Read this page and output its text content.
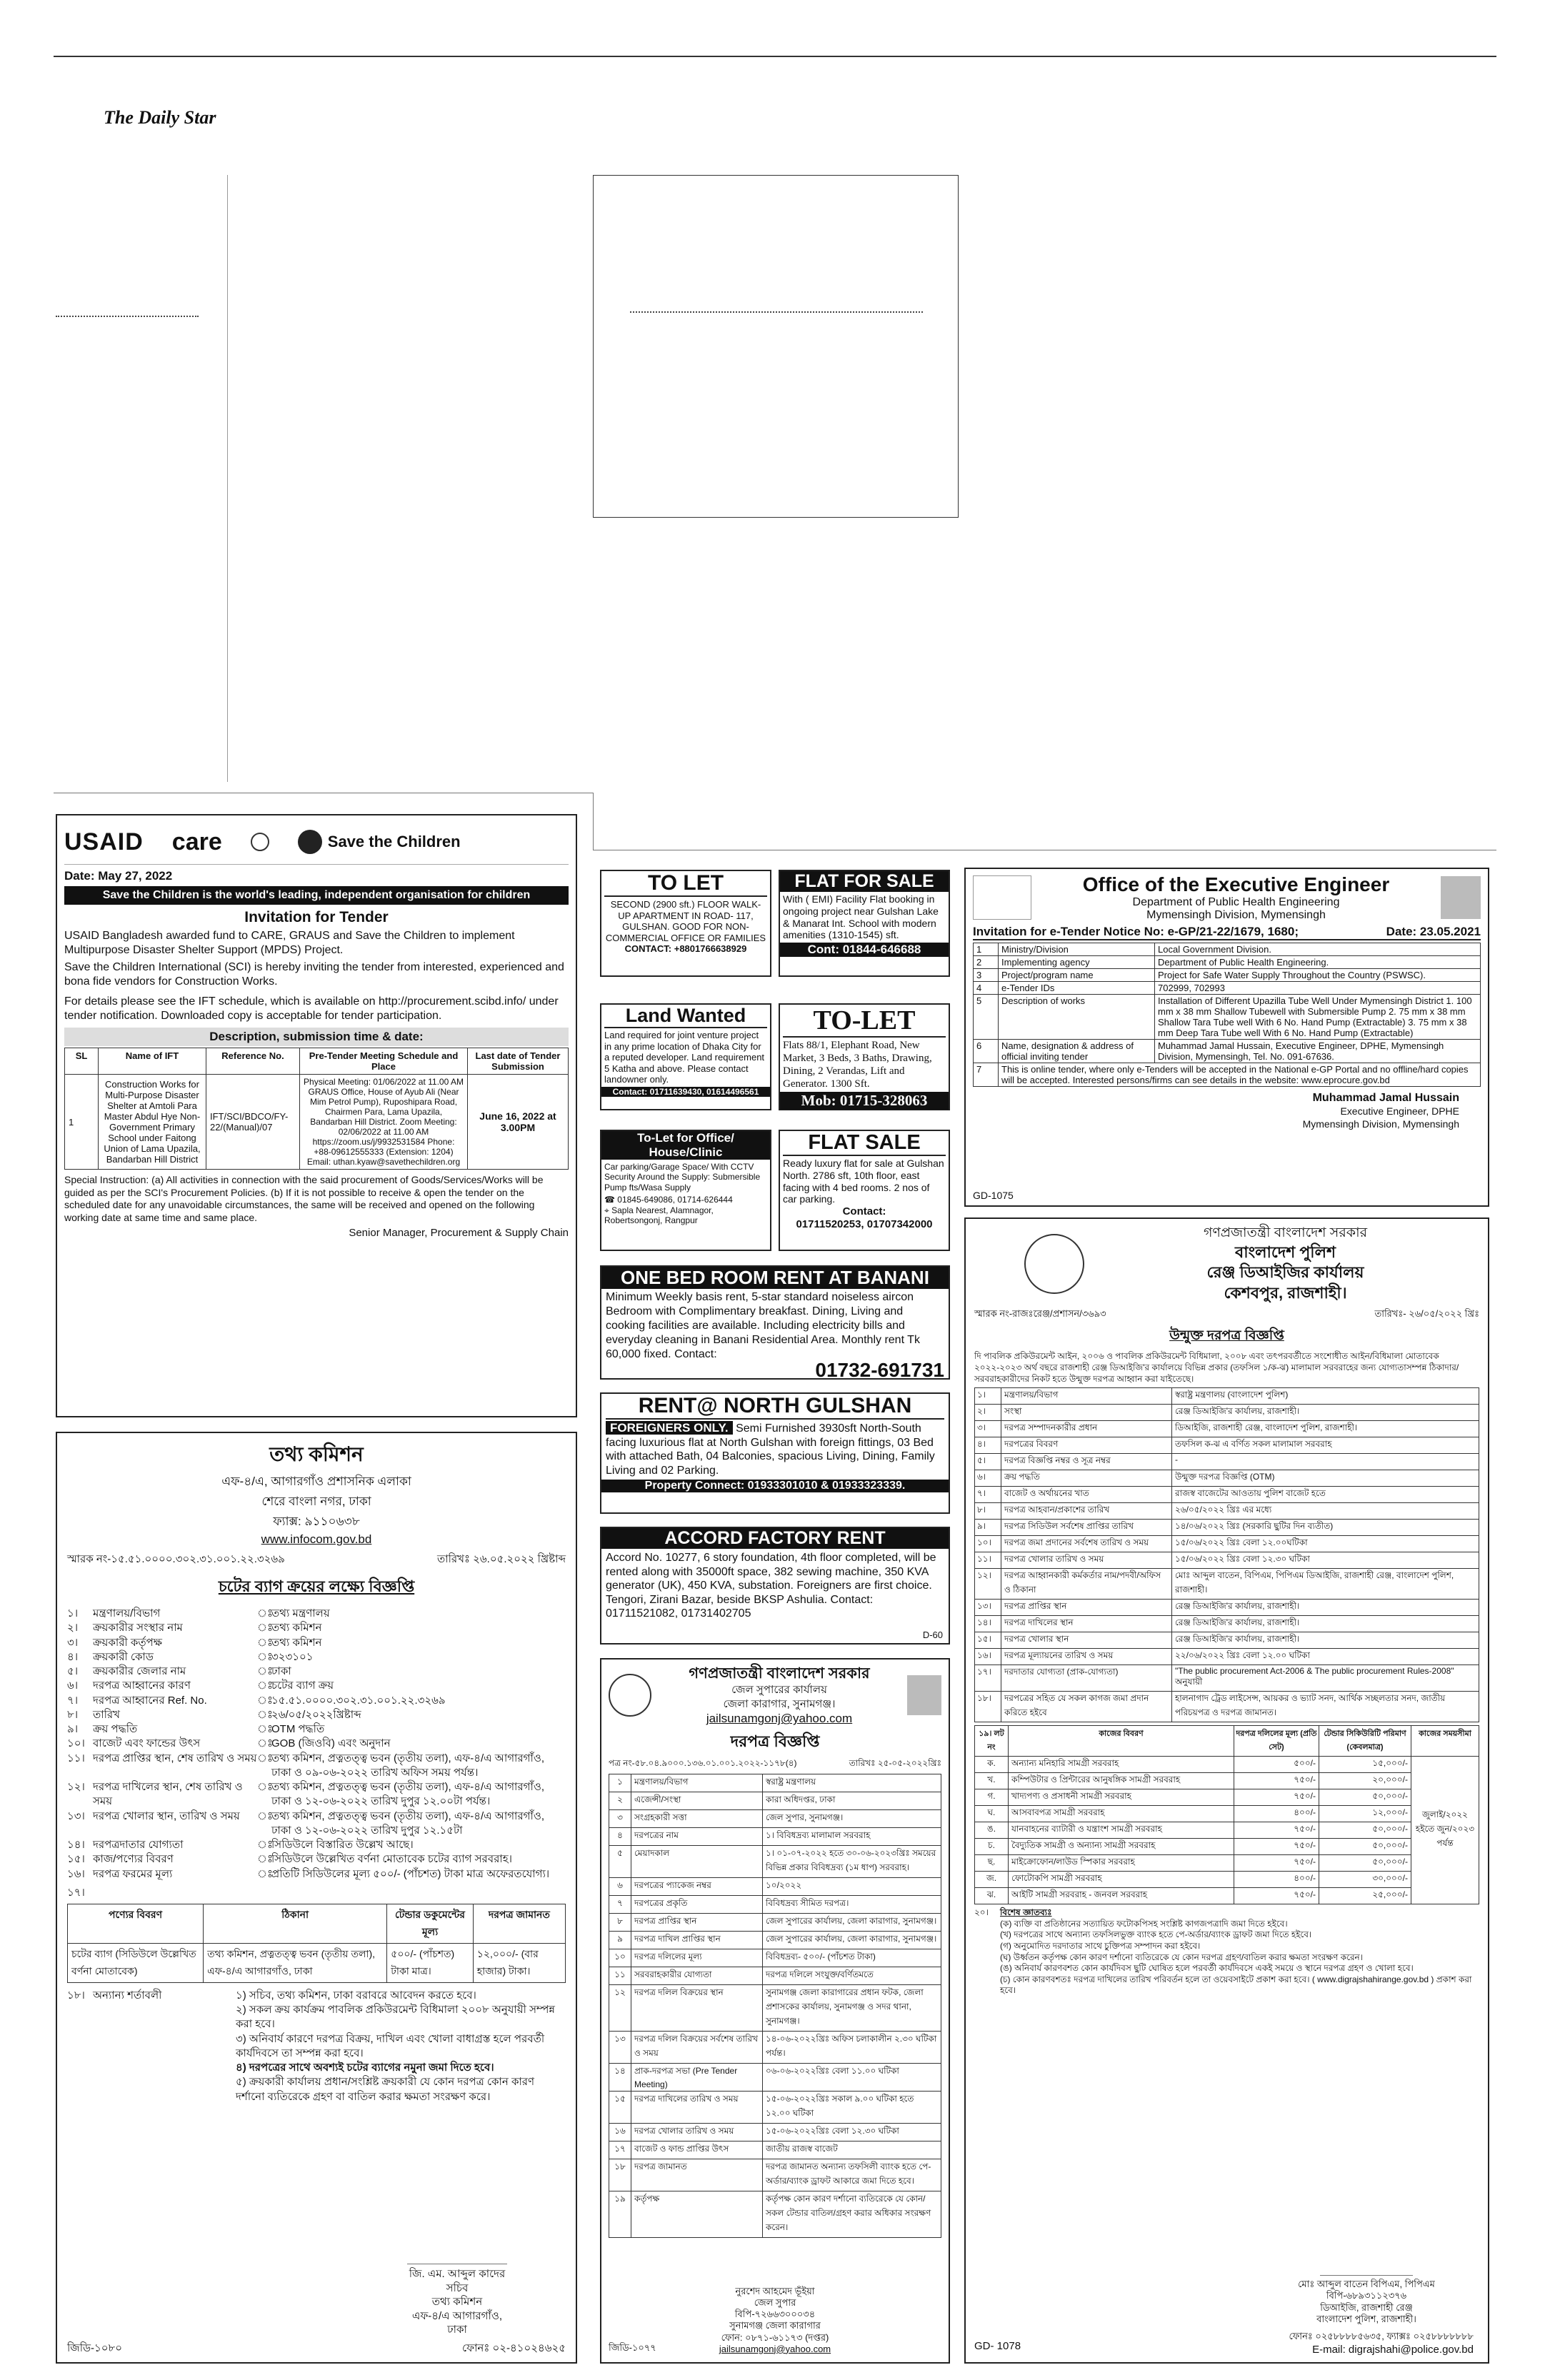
The Daily Star
USAID care	Save the Children
Date: May 27, 2022
Save the Children is the world's leading, independent organisation for children
Invitation for Tender
USAID Bangladesh awarded fund to CARE, GRAUS and Save the Children to implement Multipurpose Disaster Shelter Support (MPDS) Project.
Save the Children International (SCI) is hereby inviting the tender from interested, experienced and bona fide vendors for Construction Works.
For details please see the IFT schedule, which is available on http://procurement.scibd.info/ under tender notification. Downloaded copy is acceptable for tender participation.
Description, submission time & date:
SL	Name of IFT	Reference No.	Pre-Tender Meeting Schedule and Place	Last date of Tender Submission
1	Construction Works for Multi-Purpose Disaster Shelter at Amtoli Para Master Abdul Hye Non-Government Primary School under Faitong Union of Lama Upazila, Bandarban Hill District	IFT/SCI/BDCO/FY-22/(Manual)/07	Physical Meeting: 01/06/2022 at 11.00 AM GRAUS Office, House of Ayub Ali (Near Mim Petrol Pump), Ruposhipara Road, Chairmen Para, Lama Upazila, Bandarban Hill District. Zoom Meeting: 02/06/2022 at 11.00 AM https://zoom.us/j/9932531584 Phone: +88-09612555333 (Extension: 1204) Email: uthan.kyaw@savethechildren.org	June 16, 2022 at 3.00PM
Special Instruction: (a) All activities in connection with the said procurement of Goods/Services/Works will be guided as per the SCI's Procurement Policies. (b) If it is not possible to receive & open the tender on the scheduled date for any unavoidable circumstances, the same will be received and opened on the following working date at same time and same place.
Senior Manager, Procurement & Supply Chain
তথ্য কমিশন
এফ-৪/এ, আগারগাঁও প্রশাসনিক এলাকা
শেরে বাংলা নগর, ঢাকা
ফ্যাক্স: ৯১১০৬৩৮
www.infocom.gov.bd
স্মারক নং-১৫.৫১.০০০০.৩০২.৩১.০০১.২২.৩২৬৯	তারিখঃ ২৬.০৫.২০২২ খ্রিষ্টাব্দ
চটের ব্যাগ ক্রয়ের লক্ষ্যে বিজ্ঞপ্তি
১।	মন্ত্রণালয়/বিভাগ	ঃ
তথ্য মন্ত্রণালয়
২।	ক্রয়কারীর সংস্থার নাম	ঃ
তথ্য কমিশন
৩।	ক্রয়কারী কর্তৃপক্ষ	ঃ
তথ্য কমিশন
৪।	ক্রয়কারী কোড	ঃ
৩২৩১০১
৫।	ক্রয়কারীর জেলার নাম	ঃ
ঢাকা
৬।	দরপত্র আহ্বানের কারণ	ঃ
চটের ব্যাগ ক্রয়
৭।	দরপত্র আহ্বানের Ref. No.	ঃ
১৫.৫১.০০০০.৩০২.৩১.০০১.২২.৩২৬৯
৮।	তারিখ	ঃ
২৬/০৫/২০২২খ্রিষ্টাব্দ
৯।	ক্রয় পদ্ধতি	ঃ
OTM পদ্ধতি
১০। বাজেট এবং ফান্ডের উৎস	ঃ
GOB (জিওবি) এবং অনুদান
১১। দরপত্র প্রাপ্তির স্থান, শেষ তারিখ ও সময় ঃ
তথ্য কমিশন, প্রত্নতত্ত্ব ভবন (তৃতীয় তলা), এফ-৪/এ আগারগাঁও, ঢাকা ও ০৯-০৬-২০২২ তারিখ অফিস সময় পর্যন্ত।
১২। দরপত্র দাখিলের স্থান, শেষ তারিখ ও সময়
ঃ
তথ্য কমিশন, প্রত্নতত্ত্ব ভবন (তৃতীয় তলা), এফ-৪/এ আগারগাঁও, ঢাকা ও ১২-০৬-২০২২ তারিখ দুপুর ১২.০০টা পর্যন্ত।
১৩। দরপত্র খোলার স্থান, তারিখ ও সময়	ঃ
তথ্য কমিশন, প্রত্নতত্ত্ব ভবন (তৃতীয় তলা), এফ-৪/এ আগারগাঁও, ঢাকা ও ১২-০৬-২০২২ তারিখ দুপুর ১২.১৫টা
১৪। দরপত্রদাতার যোগ্যতা	ঃ
সিডিউলে বিস্তারিত উল্লেখ আছে।
১৫। কাজ/পণ্যের বিবরণ	ঃ
সিডিউলে উল্লেখিত বর্ণনা মোতাবেক চটের ব্যাগ সরবরাহ।
১৬। দরপত্র ফরমের মূল্য	ঃ
প্রতিটি সিডিউলের মূল্য ৫০০/- (পাঁচশত) টাকা মাত্র অফেরতযোগ্য।
১৭।
পণ্যের বিবরণ	ঠিকানা	টেন্ডার ডকুমেন্টের মূল্য	দরপত্র জামানত
চটের ব্যাগ (সিডিউলে উল্লেখিত বর্ণনা মোতাবেক)	তথ্য কমিশন, প্রত্নতত্ত্ব ভবন (তৃতীয় তলা), এফ-৪/এ আগারগাঁও, ঢাকা	৫০০/- (পাঁচশত) টাকা মাত্র।	১২,০০০/- (বার হাজার) টাকা।
১৮। অন্যান্য শর্তাবলী	১) সচিব, তথ্য কমিশন, ঢাকা বরাবরে আবেদন করতে হবে।
২) সকল ক্রয় কার্যক্রম পাবলিক প্রকিউরমেন্ট বিধিমালা ২০০৮ অনুযায়ী সম্পন্ন করা হবে।
৩) অনিবার্য কারণে দরপত্র বিক্রয়, দাখিল এবং খোলা বাধাগ্রস্ত হলে পরবর্তী কার্যদিবসে তা সম্পন্ন করা হবে।
৪) দরপত্রের সাথে অবশ্যই চটের ব্যাগের নমুনা জমা দিতে হবে।
৫) ক্রয়কারী কার্যালয় প্রধান/সংশ্লিষ্ট ক্রয়কারী যে কোন দরপত্র কোন কারণ দর্শানো ব্যতিরেকে গ্রহণ বা বাতিল করার ক্ষমতা সংরক্ষণ করে।
জি. এম. আব্দুল কাদের
সচিব
তথ্য কমিশন
এফ-৪/এ আগারগাঁও,
ঢাকা
জিডি-১০৮০	ফোনঃ ০২-৪১০২৪৬২৫
TO LET
SECOND (2900 sft.) FLOOR WALK-UP APARTMENT IN ROAD- 117, GULSHAN. GOOD FOR NON-COMMERCIAL OFFICE OR FAMILIES
CONTACT: +8801766638929
FLAT FOR SALE
With ( EMI) Facility Flat booking in ongoing project near Gulshan Lake & Manarat Int. School with modern amenities (1310-1545) sft.
Cont: 01844-646688
Land Wanted
Land required for joint venture project in any prime location of Dhaka City for a reputed developer. Land requirement 5 Katha and above. Please contact landowner only.
Contact: 01711639430, 01614496561
TO-LET
Flats 88/1, Elephant Road, New Market, 3 Beds, 3 Baths, Drawing, Dining, 2 Verandas, Lift and Generator. 1300 Sft.
Mob: 01715-328063
To-Let for Office/ House/Clinic
Car parking/Garage Space/ With CCTV Security Around the Supply: Submersible Pump fts/Wasa Supply
☎ 01845-649086, 01714-626444
⌖ Sapla Nearest, Alamnagor, Robertsongonj, Rangpur
FLAT SALE
Ready luxury flat for sale at Gulshan North. 2786 sft, 10th floor, east facing with 4 bed rooms. 2 nos of car parking.
Contact:
01711520253, 01707342000
ONE BED ROOM RENT AT BANANI
Minimum Weekly basis rent, 5-star standard noiseless aircon Bedroom with Complimentary breakfast. Dining, Living and cooking facilities are available. Including electricity bills and everyday cleaning in Banani Residential Area. Monthly rent Tk 60,000 fixed. Contact:
01732-691731
RENT@ NORTH GULSHAN
FOREIGNERS ONLY. Semi Furnished 3930sft North-South facing luxurious flat at North Gulshan with foreign fittings, 03 Bed with attached Bath, 04 Balconies, spacious Living, Dining, Family Living and 02 Parking.
Property Connect: 01933301010 & 01933323339.
ACCORD FACTORY RENT
Accord No. 10277, 6 story foundation, 4th floor completed, will be rented along with 35000ft space, 382 sewing machine, 350 KVA generator (UK), 450 KVA, substation. Foreigners are first choice. Tengori, Zirani Bazar, beside BKSP Ashulia. Contact: 01711521082, 01731402705
D-60
গণপ্রজাতন্ত্রী বাংলাদেশ সরকার
জেল সুপারের কার্যালয়
জেলা কারাগার, সুনামগঞ্জ।
jailsunamgonj@yahoo.com
দরপত্র বিজ্ঞপ্তি
পত্র নং-৫৮.০৪.৯০০০.১৩৬.০১.০০১.২০২২-১১৭৮(৪)	তারিখঃ ২৫-০৫-২০২২খ্রিঃ
১	মন্ত্রণালয়/বিভাগ	স্বরাষ্ট্র মন্ত্রণালয়
২	এজেন্সী/সংস্থা	কারা অধিদপ্তর, ঢাকা
৩	সংগ্রহকারী সত্তা	জেল সুপার, সুনামগঞ্জ।
৪	দরপত্রের নাম	১। বিবিধদ্রব্য মালামাল সরবরাহ
৫	মেয়াদকাল	১। ০১-০৭-২০২২ হতে ৩০-০৬-২০২৩খ্রিঃ সময়ের বিভিন্ন প্রকার বিবিধদ্রব্য (১ম ধাপ) সরবরাহ।
৬	দরপত্রের প্যাকেজ নম্বর	১০/২০২২
৭	দরপত্রের প্রকৃতি	বিবিধদ্রব্য সীমিত দরপত্র।
৮	দরপত্র প্রাপ্তির স্থান	জেল সুপারের কার্যালয়, জেলা কারাগার, সুনামগঞ্জ।
৯	দরপত্র দাখিল প্রাপ্তির স্থান	জেল সুপারের কার্যালয়, জেলা কারাগার, সুনামগঞ্জ।
১০	দরপত্র দলিলের মূল্য	বিবিধদ্রব্য- ৫০০/- (পাঁচশত টাকা)
১১	সরবরাহকারীর যোগ্যতা	দরপত্র দলিলে সংযুক্ত/বর্ণিতমতে
১২	দরপত্র দলিল বিক্রয়ের স্থান	সুনামগঞ্জ জেলা কারাগারের প্রধান ফটক, জেলা প্রশাসকের কার্যালয়, সুনামগঞ্জ ও সদর থানা, সুনামগঞ্জ।
১৩	দরপত্র দলিল বিক্রয়ের সর্বশেষ তারিখ ও সময়	১৪-০৬-২০২২খ্রিঃ অফিস চলাকালীন ২.৩০ ঘটিকা পর্যন্ত।
১৪	প্রাক-দরপত্র সভা (Pre Tender Meeting)	০৬-০৬-২০২২খ্রিঃ বেলা ১১.০০ ঘটিকা
১৫	দরপত্র দাখিলের তারিখ ও সময়	১৫-০৬-২০২২খ্রিঃ সকাল ৯.০০ ঘটিকা হতে ১২.০০ ঘটিকা
১৬	দরপত্র খোলার তারিখ ও সময়	১৫-০৬-২০২২খ্রিঃ বেলা ১২.৩০ ঘটিকা
১৭	বাজেট ও ফান্ড প্রাপ্তির উৎস	জাতীয় রাজস্ব বাজেট
১৮	দরপত্র জামানত	দরপত্র জামানত অন্যান্য তফসিলী ব্যাংক হতে পে-অর্ডার/ব্যাংক ড্রাফট আকারে জমা দিতে হবে।
১৯	কর্তৃপক্ষ	কর্তৃপক্ষ কোন কারণ দর্শানো ব্যতিরেকে যে কোন/সকল টেন্ডার বাতিল/গ্রহণ করার অধিকার সংরক্ষণ করেন।
নুরশেদ আহমেদ ভূঁইয়া
জেল সুপার
বিপি-৭২৬৬৩০০০৩৪
সুনামগঞ্জ জেলা কারাগার
ফোন: ০৮৭১-৬১১৭৩ (দপ্তর)
jailsunamgonj@yahoo.com
জিডি-১০৭৭
Office of the Executive Engineer
Department of Public Health Engineering
Mymensingh Division, Mymensingh
Invitation for e-Tender Notice No: e-GP/21-22/1679, 1680;	Date: 23.05.2021
1	Ministry/Division	Local Government Division.
2	Implementing agency	Department of Public Health Engineering.
3	Project/program name	Project for Safe Water Supply Throughout the Country (PSWSC).
4	e-Tender IDs	702999, 702993
5	Description of works	Installation of Different Upazilla Tube Well Under Mymensingh District 1. 100 mm x 38 mm Shallow Tubewell with Submersible Pump 2. 75 mm x 38 mm Shallow Tara Tube well With 6 No. Hand Pump (Extractable) 3. 75 mm x 38 mm Deep Tara Tube well With 6 No. Hand Pump (Extractable)
6	Name, designation & address of official inviting tender	Muhammad Jamal Hussain, Executive Engineer, DPHE, Mymensingh Division, Mymensingh, Tel. No. 091-67636.
7	This is online tender, where only e-Tenders will be accepted in the National e-GP Portal and no offline/hard copies will be accepted. Interested persons/firms can see details in the website: www.eprocure.gov.bd	
Muhammad Jamal Hussain
Executive Engineer, DPHE
Mymensingh Division, Mymensingh
GD-1075
গণপ্রজাতন্ত্রী বাংলাদেশ সরকার
বাংলাদেশ পুলিশ
রেঞ্জ ডিআইজির কার্যালয়
কেশবপুর, রাজশাহী।
স্মারক নং-রাজঃরেঞ্জ/প্রশাসন/৩৬৯৩	তারিখঃ- ২৬/০৫/২০২২ খ্রিঃ
উন্মুক্ত দরপত্র বিজ্ঞপ্তি
দি পাবলিক প্রকিউরমেন্ট আইন, ২০০৬ ও পাবলিক প্রকিউরমেন্ট বিধিমালা, ২০০৮ এবং তৎপরবর্তীতে সংশোধীত আইন/বিধিমালা মোতাবেক ২০২২-২০২৩ অর্থ বছরে রাজশাহী রেঞ্জ ডিআইজি'র কার্যালয়ে বিভিন্ন প্রকার (তফসিল ১/ক-ঝ) মালামাল সরবরাহের জন্য যোগ্যতাসম্পন্ন ঠিকাদার/সরবরাহকারীদের নিকট হতে উন্মুক্ত দরপত্র আহ্বান করা যাইতেছে।
১।	মন্ত্রণালয়/বিভাগ	স্বরাষ্ট্র মন্ত্রণালয় (বাংলাদেশ পুলিশ)
২।	সংস্থা	রেঞ্জ ডিআইজি'র কার্যালয়, রাজশাহী।
৩।	দরপত্র সম্পাদনকারীর প্রধান	ডিআইজি, রাজশাহী রেঞ্জ, বাংলাদেশ পুলিশ, রাজশাহী।
৪।	দরপত্রের বিবরণ	তফসিল ক-ঝ এ বর্ণিত সকল মালামাল সরবরাহ
৫।	দরপত্র বিজ্ঞপ্তি নম্বর ও সূত্র নম্বর	-
৬।	ক্রয় পদ্ধতি	উন্মুক্ত দরপত্র বিজ্ঞপ্তি (OTM)
৭।	বাজেট ও অর্থায়নের খাত	রাজস্ব বাজেটের আওতায় পুলিশ বাজেট হতে
৮।	দরপত্র আহবান/প্রকাশের তারিখ	২৬/০৫/২০২২ খ্রিঃ এর মধ্যে
৯।	দরপত্র সিডিউল সর্বশেষ প্রাপ্তির তারিখ	১৪/০৬/২০২২ খ্রিঃ (সরকারি ছুটির দিন ব্যতীত)
১০।	দরপত্র জমা প্রদানের সর্বশেষ তারিখ ও সময়	১৫/০৬/২০২২ খ্রিঃ বেলা ১২.০০ঘটিকা
১১।	দরপত্র খোলার তারিখ ও সময়	১৫/০৬/২০২২ খ্রিঃ বেলা ১২.৩০ ঘটিকা
১২।	দরপত্র আহ্বানকারী কর্মকর্তার নাম/পদবী/অফিস ও ঠিকানা	মোঃ আব্দুল বাতেন, বিপিএম, পিপিএম ডিআইজি, রাজশাহী রেঞ্জ, বাংলাদেশ পুলিশ, রাজশাহী।
১৩।	দরপত্র প্রাপ্তির স্থান	রেঞ্জ ডিআইজি'র কার্যালয়, রাজশাহী।
১৪।	দরপত্র দাখিলের স্থান	রেঞ্জ ডিআইজি'র কার্যালয়, রাজশাহী।
১৫।	দরপত্র খোলার স্থান	রেঞ্জ ডিআইজি'র কার্যালয়, রাজশাহী।
১৬।	দরপত্র মূল্যায়নের তারিখ ও সময়	২২/০৬/২০২২ খ্রিঃ বেলা ১২.০০ ঘটিকা
১৭।	দরদাতার যোগ্যতা (প্রাক-যোগ্যতা)	"The public procurement Act-2006 & The public procurement Rules-2008" অনুযায়ী
১৮।	দরপত্রের সহিত যে সকল কাগজ জমা প্রদান করিতে হইবে	হালনাগাদ ট্রেড লাইসেন্স, আয়কর ও ভ্যাট সনদ, আর্থিক সচ্ছলতার সনদ, জাতীয় পরিচয়পত্র ও দরপত্র জামানত।
১৯। লট নং	কাজের বিবরণ	দরপত্র দলিলের মূল্য (প্রতি সেট)	টেন্ডার সিকিউরিটি পরিমাণ (কেবলমাত্র)	কাজের সময়সীমা
ক.	অন্যান্য মনিহারি সামগ্রী সরবরাহ	৫০০/-	১৫,০০০/-	জুলাই/২০২২ হইতে জুন/২০২৩ পর্যন্ত
খ.	কম্পিউটার ও প্রিন্টারের আনুষঙ্গিক সামগ্রী সরবরাহ	৭৫০/-	২০,০০০/-	
গ.	খাদ্যপণ্য ও প্রসাধনী সামগ্রী সরবরাহ	৭৫০/-	৫০,০০০/-	
ঘ.	আসবাবপত্র সামগ্রী সরবরাহ	৪০০/-	১২,০০০/-	
ঙ.	যানবাহনের ব্যাটারী ও যন্ত্রাংশ সামগ্রী সরবরাহ	৭৫০/-	৫০,০০০/-	
চ.	বৈদ্যুতিক সামগ্রী ও অন্যান্য সামগ্রী সরবরাহ	৭৫০/-	৫০,০০০/-	
ছ.	মাইক্রোফোন/লাউড স্পিকার সরবরাহ	৭৫০/-	৫০,০০০/-	
জ.	ফোটোকপি সামগ্রী সরবরাহ	৪০০/-	৩০,০০০/-	
ঝ.	আইটি সামগ্রী সরবরাহ - জনবল সরবরাহ	৭৫০/-	২৫,০০০/-	
২০।	বিশেষ জ্ঞাতব্যঃ
(ক) ব্যক্তি বা প্রতিষ্ঠানের সত্যায়িত ফটোকপিসহ সংশ্লিষ্ট কাগজপত্রাদি জমা দিতে হইবে।
(খ) দরপত্রের সাথে অন্যান্য তফসিলভুক্ত ব্যাংক হতে পে-অর্ডার/ব্যাংক ড্রাফট জমা দিতে হইবে।
(গ) অনুমোদিত দরদাতার সাথে চুক্তিপত্র সম্পাদন করা হইবে।
(ঘ) উর্ধ্বতন কর্তৃপক্ষ কোন কারণ দর্শানো ব্যতিরেকে যে কোন দরপত্র গ্রহণ/বাতিল করার ক্ষমতা সংরক্ষণ করেন।
(ঙ) অনিবার্য কারণবশত কোন কার্যদিবস ছুটি ঘোষিত হলে পরবর্তী কার্যদিবসে একই সময়ে ও স্থানে দরপত্র গ্রহণ ও খোলা হবে।
(চ) কোন কারণবশতঃ দরপত্র দাখিলের তারিখ পরিবর্তন হলে তা ওয়েবসাইটে প্রকাশ করা হবে। ( www.digrajshahirange.gov.bd ) প্রকাশ করা হবে।
মোঃ আব্দুল বাতেন বিপিএম, পিপিএম
বিপি-৬৮৯৩১১২৩৭৬
ডিআইজি, রাজশাহী রেঞ্জ
বাংলাদেশ পুলিশ, রাজশাহী।
ফোনঃ ০২৫৮৮৮৮৫৬৩৫, ফ্যাক্সঃ ০২৫৮৮৮৮৮৮৮
E-mail: digrajshahi@police.gov.bd
GD- 1078
